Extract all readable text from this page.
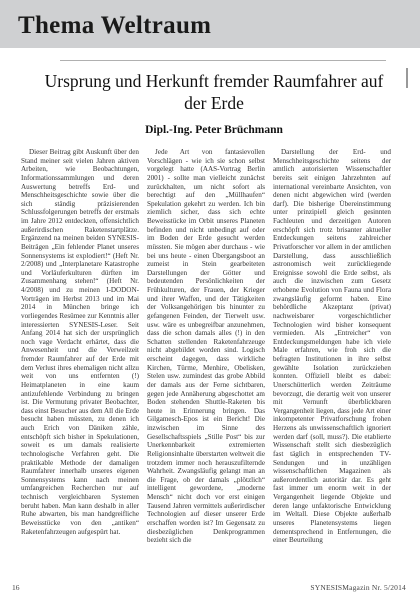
Thema Weltraum
Ursprung und Herkunft fremder Raumfahrer auf der Erde
Dipl.-Ing. Peter Brüchmann

Dieser Beitrag gibt Auskunft über den Stand meiner seit vielen Jahren aktiven Arbeiten, wie Beobachtungen, Informationssammlungen und deren Auswertung betreffs Erd- und Menschheitsgeschichte sowie über die sich ständig präzisierenden Schlussfolgerungen betreffs der erstmals im Jahre 2012 entdeckten, offensichtlich außerirdischen Raketenstartplätze. Ergänzend na meinen beiden SYNESIS-Beiträgen „Ein fehlender Planet unseres Sonnensystems ist explodiert!“ (Heft Nr. 2/2008) und „Interplanetare Katastrophe und Vorläuferkulturen dürften im Zusammenhang stehen!“ (Heft Nr. 4/2008) und zu meinen I-DODON-Vorträgen im Herbst 2013 und im Mai 2014 in München bringe ich vorliegendes Resümee zur Kenntnis aller interessierten SYNESIS-Leser. Seit Anfang 2014 hat sich der ursprünglich noch vage Verdacht erhärtet, dass die Anwesenheit und die Verweilzeit fremder Raumfahrer auf der Erde mit dem Verlust ihres ehemaligen nicht allzu weit von uns entfernten (!) Heimatplaneten in eine kaum antizufehlende Verbindung zu bringen ist. Die Vermutung privater Beobachter, dass einst Besucher aus dem All die Erde besucht haben müssten, zu denen ich auch Erich von Däniken zähle, entschöpft sich bisher in Spekulationen, soweit es um damals realisierte technologische Verfahren geht. Die praktikable Methode der damaligen Raumfahrer innerhalb unseres eigenen Sonnensystems kann nach meinen umfangreichen Recherchen nur auf technisch vergleichbaren Systemen beruht haben. Man kann deshalb in aller Ruhe abwarten, bis man handgreifliche Beweisstücke von den „antiken“ Raketenfahrzeugen aufgespürt hat.

Jede Art von fantasievollen Vorschlägen - wie ich sie schon selbst vorgelegt hatte (AAS-Vortrag Berlin 2001) - sollte man vielleicht zunächst zurückhalten, um nicht sofort als berechtigt auf den „Müllhaufen“ Spekulation gekehrt zu werden. Ich bin ziemlich sicher, dass sich echte Beweisstücke im Orbit unseres Planeten befinden und nicht unbedingt auf oder im Boden der Erde gesucht werden müssten. Sie mögen aber durchaus - wie bei uns heute - einen Übergangsboot an zumeist in Stein gearbeiteten Darstellungen der Götter und bedeutenden Persönlichkeiten der Frühkulturen, der Frauen, der Krieger und ihrer Waffen, und der Tätigkeiten der Volksangehörigen bis hinunter zu gefangenen Feinden, der Tierwelt usw. usw. wäre es unbegreifbar anzunehmen, dass die schon damals alles (!) in den Schatten stellenden Raketenfahrzeuge nicht abgebildet worden sind. Logisch erscheint dagegen, dass wirkliche Kirchen, Türme, Menhire, Obelisken, Stelen usw. zumindest das grobe Abbild der damals aus der Ferne sichtbaren, gegen jede Annäherung abgeschottet am Boden stehenden Shuttle-Raketen bis heute in Erinnerung bringen. Das Gilgamesch-Epos ist ein Bericht! Die inzwischen im Sinne des Gesellschaftsspiels „Stille Post“ bis zur Unerkennbarkeit extremierten Religionsinhalte überstarten weltweit die trotzdem immer noch herauszufilternde Wahrheit. Zwangsläufig gelangt man an die Frage, ob der damals „plötzlich“ intelligent gewordene, „moderne Mensch“ nicht doch vor erst einigen Tausend Jahren vermittels außerirdischer Technologien auf dieser unserer Erde erschaffen worden ist? Im Gegensatz zu diesbezüglichen Denkprogrammen bezieht sich die

Darstellung der Erd- und Menschheitsgeschichte seitens der amtlich autorisierten Wissenschaftler bereits seit einigen Jahrzehnten auf international vereinbarte Ansichten, von denen nicht abgewichen wird (werden darf). Die bisherige Übereinstimmung unter prinzipiell gleich gesinnten Fachleuten und derzeitigen Autoren erschöpft sich trotz brisanter aktueller Entdeckungen seitens zahlreicher Privatforscher vor allem in der amtlichen Darstellung, dass ausschließlich astronomisch weit zurückliegende Ereignisse sowohl die Erde selbst, als auch die inzwischen zum Gesetz erhobene Evolution von Fauna und Flora zwangsläufig geformt haben. Eine behördliche Akzeptanz (privat) nachweisbarer vorgeschichtlicher Technologien wird bisher konsequent vermieden. Als „Entreicher“ von Entdeckungsmeldungen habe ich viele Male erfahren, wie froh sich die befragten Institutionen in ihre selbst gewählte Isolation zurückziehen konnten. Offiziell bleibt es dabei: Unerschütterlich werden Zeiträume bevorzugt, die derartig weit von unserer mit Vernunft überblickbaren Vergangenheit liegen, dass jede Art einer inkompetenter Privatforschung frohen Herzens als unwissenschaftlich ignoriert werden darf (soll, muss?). Die etablierte Wissenschaft stellt sich diesbezüglich fast täglich in entsprechenden TV-Sendungen und in unzähligen wissenschaftlichen Magazinen als außerordentlich autoritär dar. Es geht fast immer um enorm weit in der Vergangenheit liegende Objekte und deren lange unfaktorische Entwicklung im Weltall. Diese Objekte außerhalb unseres Planetensystems liegen dementsprechend in Entfernungen, die einer Beurteilung

16	SYNESISMagazin Nr. 5/2014
